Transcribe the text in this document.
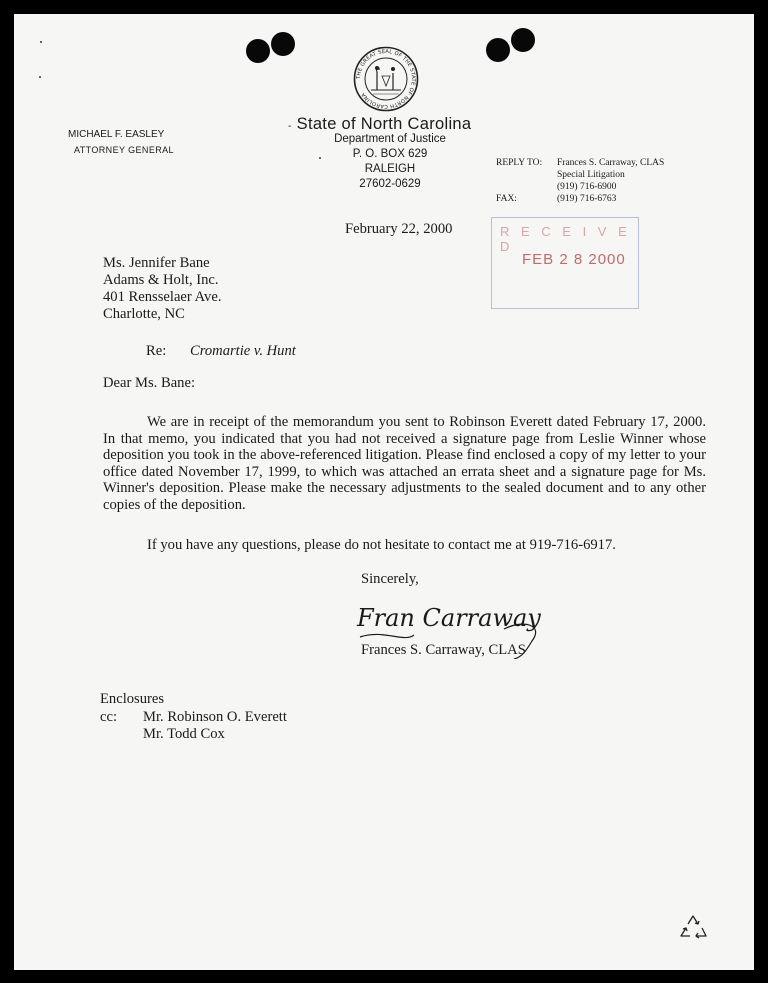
THE GREAT SEAL OF THE STATE OF NORTH CAROLINA
- State of North Carolina
Department of Justice
P. O. BOX 629
RALEIGH
27602-0629
MICHAEL F. EASLEY
ATTORNEY GENERAL
REPLY TO: Frances S. Carraway, CLAS
Special Litigation
(919) 716-6900
FAX:	(919) 716-6763
R E C E I V E D
FEB 2 8 2000
February 22, 2000
Ms. Jennifer Bane
Adams & Holt, Inc.
401 Rensselaer Ave.
Charlotte, NC
Re: Cromartie v. Hunt
Dear Ms. Bane:
We are in receipt of the memorandum you sent to Robinson Everett dated February 17, 2000. In that memo, you indicated that you had not received a signature page from Leslie Winner whose deposition you took in the above-referenced litigation. Please find enclosed a copy of my letter to your office dated November 17, 1999, to which was attached an errata sheet and a signature page for Ms. Winner's deposition. Please make the necessary adjustments to the sealed document and to any other copies of the deposition.
If you have any questions, please do not hesitate to contact me at 919-716-6917.
Sincerely,
Fran Carraway
Frances S. Carraway, CLAS
Enclosures
cc: Mr. Robinson O. Everett
Mr. Todd Cox
